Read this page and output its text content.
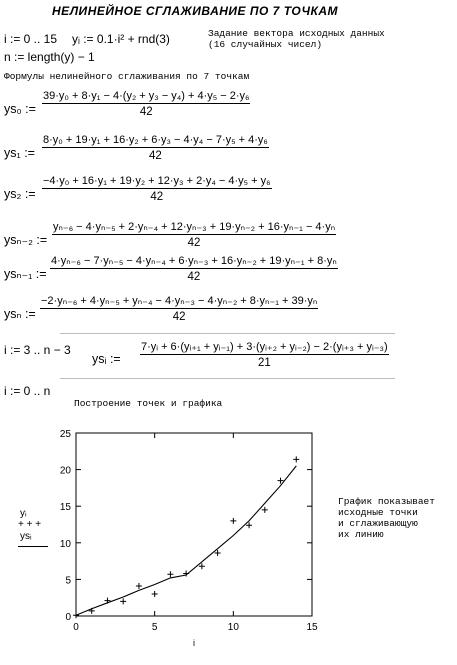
НЕЛИНЕЙНОЕ СГЛАЖИВАНИЕ ПО 7 ТОЧКАМ
i := 0 .. 15 yᵢ := 0.1·i² + rnd(3)
n := length(y) − 1
Задание вектора исходных данных
(16 случайных чисел)
Формулы нелинейного сглаживания по 7 точкам
ys₀ :=
39·y₀ + 8·y₁ − 4·(y₂ + y₃ − y₄) + 4·y₅ − 2·y₆
42
ys₁ :=
8·y₀ + 19·y₁ + 16·y₂ + 6·y₃ − 4·y₄ − 7·y₅ + 4·y₆
42
ys₂ :=
−4·y₀ + 16·y₁ + 19·y₂ + 12·y₃ + 2·y₄ − 4·y₅ + y₆
42
ysₙ₋₂ :=
yₙ₋₆ − 4·yₙ₋₅ + 2·yₙ₋₄ + 12·yₙ₋₃ + 19·yₙ₋₂ + 16·yₙ₋₁ − 4·yₙ
42
ysₙ₋₁ :=
4·yₙ₋₆ − 7·yₙ₋₅ − 4·yₙ₋₄ + 6·yₙ₋₃ + 16·yₙ₋₂ + 19·yₙ₋₁ + 8·yₙ
42
ysₙ :=
−2·yₙ₋₆ + 4·yₙ₋₅ + yₙ₋₄ − 4·yₙ₋₃ − 4·yₙ₋₂ + 8·yₙ₋₁ + 39·yₙ
42
i := 3 .. n − 3
ysᵢ :=
7·yᵢ + 6·(yᵢ₊₁ + yᵢ₋₁) + 3·(yᵢ₊₂ + yᵢ₋₂) − 2·(yᵢ₊₃ + yᵢ₋₃)
21
i := 0 .. n
Построение точек и графика
yᵢ
+ + +
ysᵢ
0
5
10
15
20
25
0	5	10	15
i
График показывает
исходные точки
и сглаживающую
их линию
